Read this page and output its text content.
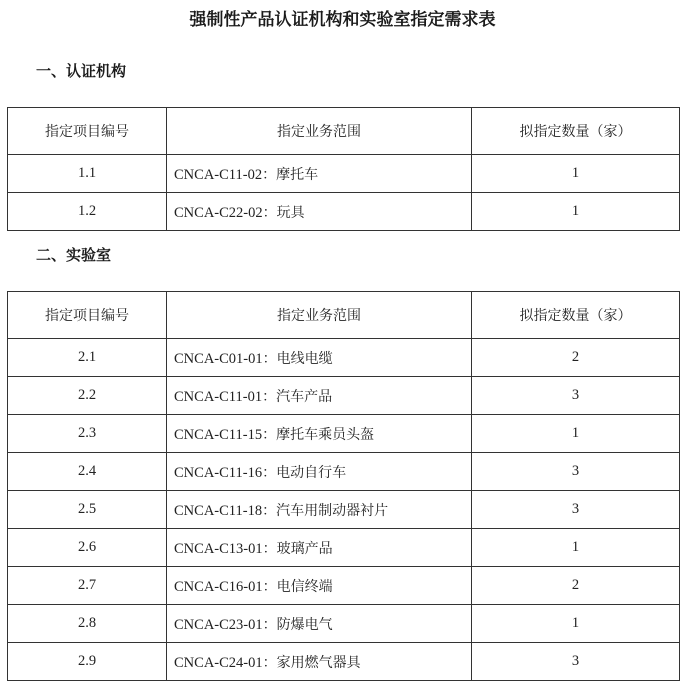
强制性产品认证机构和实验室指定需求表
一、认证机构
指定项目编号	指定业务范围	拟指定数量（家）
1.1	CNCA-C11-02：摩托车	1
1.2	CNCA-C22-02：玩具	1
二、实验室
指定项目编号	指定业务范围	拟指定数量（家）
2.1	CNCA-C01-01：电线电缆	2
2.2	CNCA-C11-01：汽车产品	3
2.3	CNCA-C11-15：摩托车乘员头盔	1
2.4	CNCA-C11-16：电动自行车	3
2.5	CNCA-C11-18：汽车用制动器衬片	3
2.6	CNCA-C13-01：玻璃产品	1
2.7	CNCA-C16-01：电信终端	2
2.8	CNCA-C23-01：防爆电气	1
2.9	CNCA-C24-01：家用燃气器具	3
